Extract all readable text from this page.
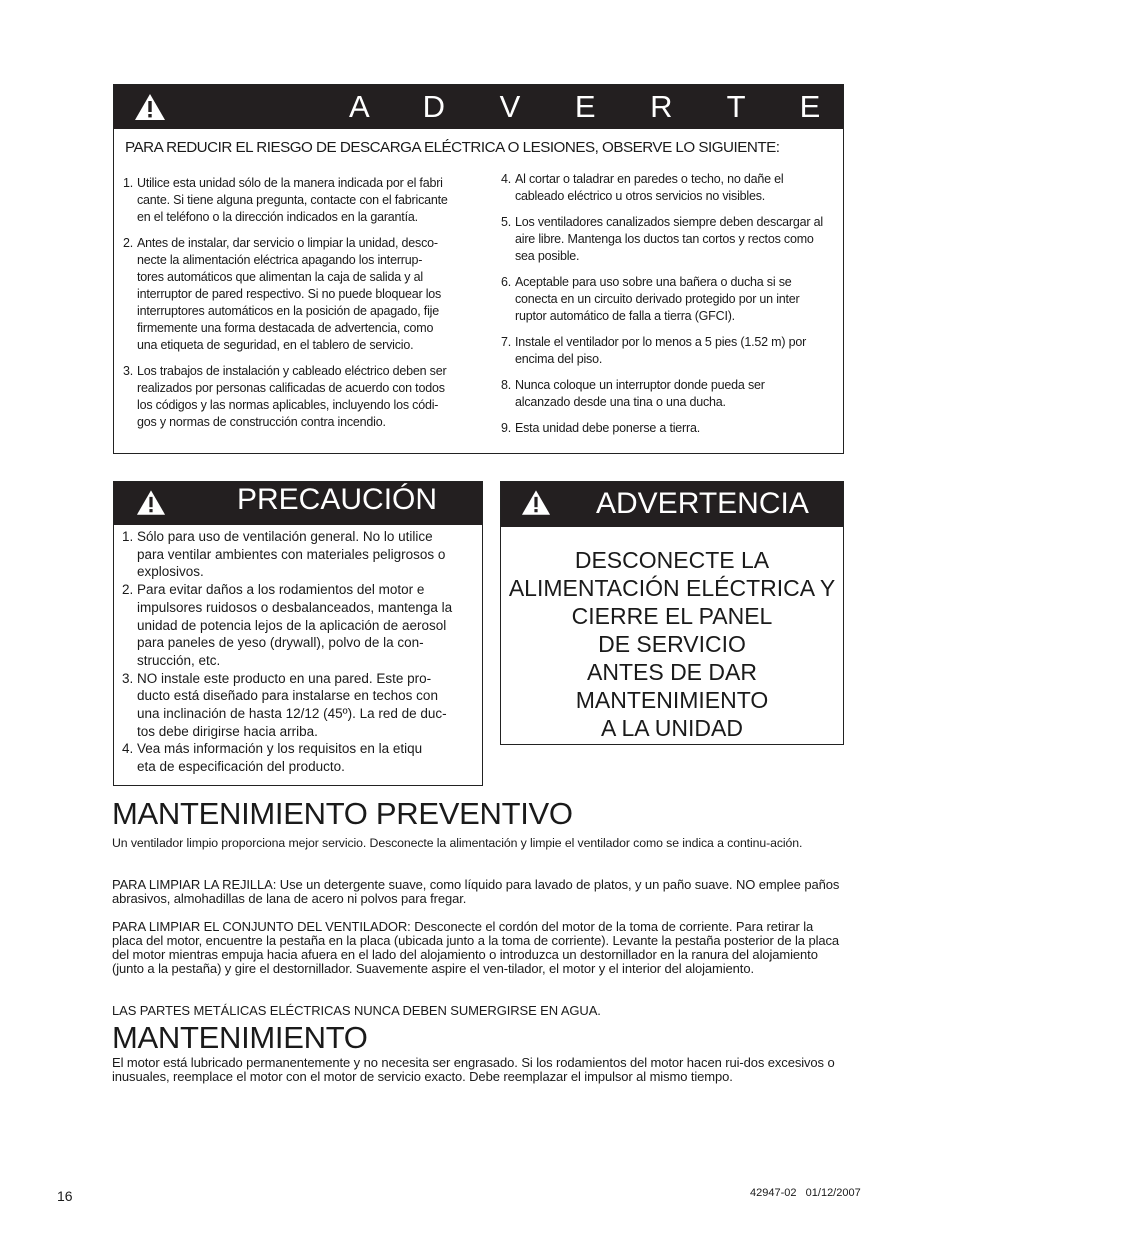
A D V E R T E N C I A
PARA REDUCIR EL RIESGO DE DESCARGA ELÉCTRICA O LESIONES, OBSERVE LO SIGUIENTE:
1. Utilice esta unidad sólo de la manera indicada por el fabri
cante. Si tiene alguna pregunta, contacte con el fabricante
en el teléfono o la dirección indicados en la garantía.
2. Antes de instalar, dar servicio o limpiar la unidad, desco-
necte la alimentación eléctrica apagando los interrup-
tores automáticos que alimentan la caja de salida y al
interruptor de pared respectivo. Si no puede bloquear los
interruptores automáticos en la posición de apagado, fije
firmemente una forma destacada de advertencia, como
una etiqueta de seguridad, en el tablero de servicio.
3. Los trabajos de instalación y cableado eléctrico deben ser
realizados por personas calificadas de acuerdo con todos
los códigos y las normas aplicables, incluyendo los códi-
gos y normas de construcción contra incendio.
4. Al cortar o taladrar en paredes o techo, no dañe el
cableado eléctrico u otros servicios no visibles.
5. Los ventiladores canalizados siempre deben descargar al
aire libre. Mantenga los ductos tan cortos y rectos como
sea posible.
6. Aceptable para uso sobre una bañera o ducha si se
conecta en un circuito derivado protegido por un inter
ruptor automático de falla a tierra (GFCI).
7. Instale el ventilador por lo menos a 5 pies (1.52 m) por
encima del piso.
8. Nunca coloque un interruptor donde pueda ser
alcanzado desde una tina o una ducha.
9. Esta unidad debe ponerse a tierra.
PRECAUCIÓN
1. Sólo para uso de ventilación general. No lo utilice
para ventilar ambientes con materiales peligrosos o
explosivos.
2. Para evitar daños a los rodamientos del motor e
impulsores ruidosos o desbalanceados, mantenga la
unidad de potencia lejos de la aplicación de aerosol
para paneles de yeso (drywall), polvo de la con-
strucción, etc.
3. NO instale este producto en una pared. Este pro-
ducto está diseñado para instalarse en techos con
una inclinación de hasta 12/12 (45º). La red de duc-
tos debe dirigirse hacia arriba.
4. Vea más información y los requisitos en la etiqu
eta de especificación del producto.
ADVERTENCIA
DESCONECTE LA
ALIMENTACIÓN ELÉCTRICA Y
CIERRE EL PANEL
DE SERVICIO
ANTES DE DAR
MANTENIMIENTO
A LA UNIDAD
MANTENIMIENTO PREVENTIVO
Un ventilador limpio proporciona mejor servicio. Desconecte la alimentación y limpie el ventilador como se indica a continu-ación.
PARA LIMPIAR LA REJILLA: Use un detergente suave, como líquido para lavado de platos, y un paño suave. NO emplee paños abrasivos, almohadillas de lana de acero ni polvos para fregar.
PARA LIMPIAR EL CONJUNTO DEL VENTILADOR: Desconecte el cordón del motor de la toma de corriente. Para retirar la placa del motor, encuentre la pestaña en la placa (ubicada junto a la toma de corriente). Levante la pestaña posterior de la placa del motor mientras empuja hacia afuera en el lado del alojamiento o introduzca un destornillador en la ranura del alojamiento (junto a la pestaña) y gire el destornillador. Suavemente aspire el ven-tilador, el motor y el interior del alojamiento.
LAS PARTES METÁLICAS ELÉCTRICAS NUNCA DEBEN SUMERGIRSE EN AGUA.
MANTENIMIENTO
El motor está lubricado permanentemente y no necesita ser engrasado. Si los rodamientos del motor hacen rui-dos excesivos o inusuales, reemplace el motor con el motor de servicio exacto. Debe reemplazar el impulsor al mismo tiempo.
16	42947-02   01/12/2007
